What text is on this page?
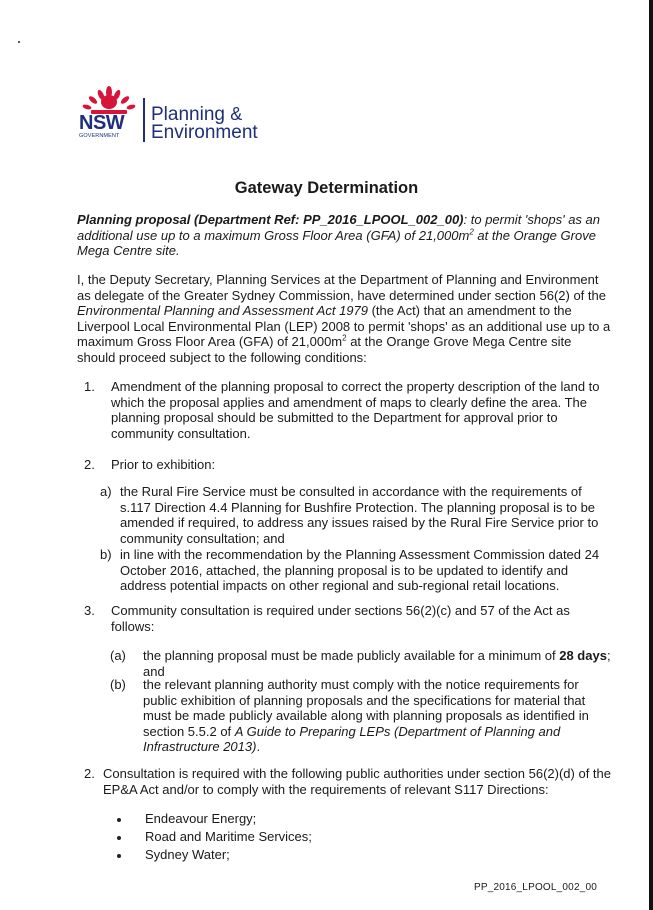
NSW
GOVERNMENT
Planning &
Environment
Gateway Determination
Planning proposal (Department Ref: PP_2016_LPOOL_002_00): to permit 'shops' as an additional use up to a maximum Gross Floor Area (GFA) of $21,000m^2$ at the Orange Grove Mega Centre site.
I, the Deputy Secretary, Planning Services at the Department of Planning and Environment as delegate of the Greater Sydney Commission, have determined under section 56(2) of the Environmental Planning and Assessment Act 1979 (the Act) that an amendment to the Liverpool Local Environmental Plan (LEP) 2008 to permit 'shops' as an additional use up to a maximum Gross Floor Area (GFA) of $21,000m^2$ at the Orange Grove Mega Centre site should proceed subject to the following conditions:
1. Amendment of the planning proposal to correct the property description of the land to which the proposal applies and amendment of maps to clearly define the area. The planning proposal should be submitted to the Department for approval prior to community consultation.
2. Prior to exhibition:
a) the Rural Fire Service must be consulted in accordance with the requirements of s.117 Direction 4.4 Planning for Bushfire Protection. The planning proposal is to be amended if required, to address any issues raised by the Rural Fire Service prior to community consultation; and
b) in line with the recommendation by the Planning Assessment Commission dated 24 October 2016, attached, the planning proposal is to be updated to identify and address potential impacts on other regional and sub-regional retail locations.
3. Community consultation is required under sections 56(2)(c) and 57 of the Act as follows:
(a) the planning proposal must be made publicly available for a minimum of 28 days; and
(b) the relevant planning authority must comply with the notice requirements for public exhibition of planning proposals and the specifications for material that must be made publicly available along with planning proposals as identified in section 5.5.2 of A Guide to Preparing LEPs (Department of Planning and Infrastructure 2013).
2. Consultation is required with the following public authorities under section 56(2)(d) of the EP&A Act and/or to comply with the requirements of relevant S117 Directions:
Endeavour Energy;
Road and Maritime Services;
Sydney Water;
PP_2016_LPOOL_002_00
